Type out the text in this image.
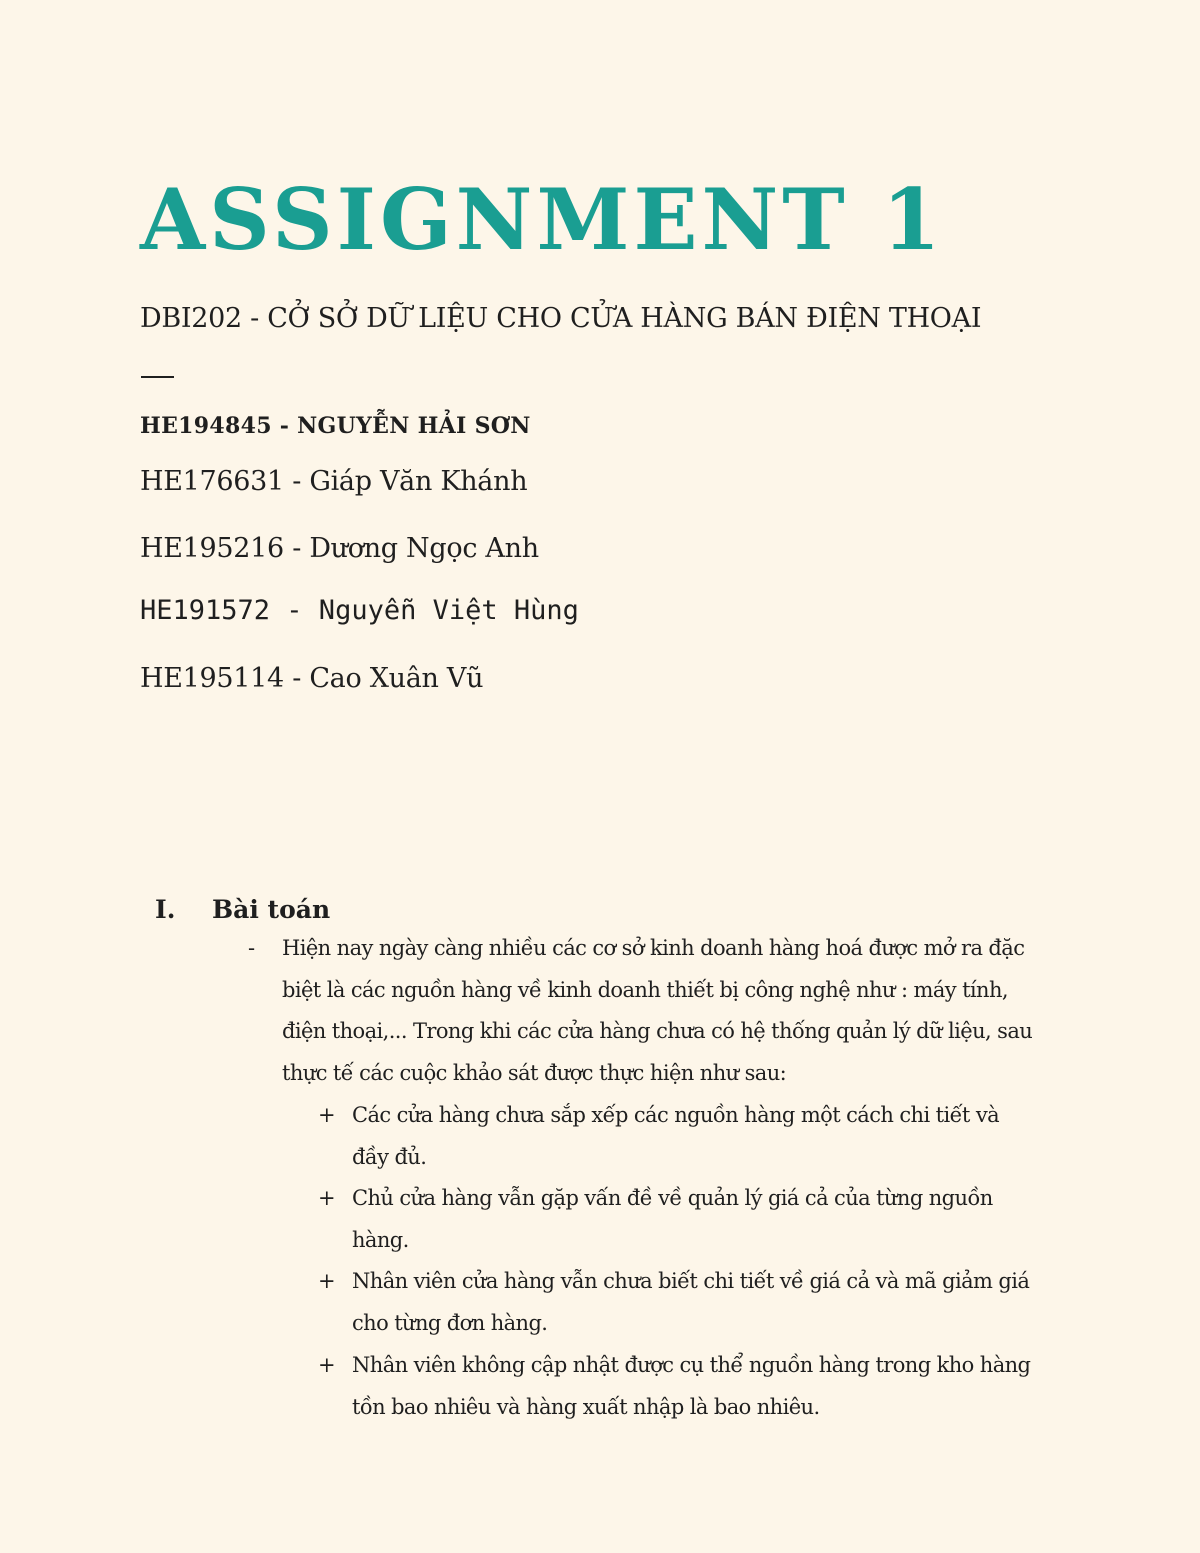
ASSIGNMENT 1
DBI202 - CỞ SỞ DỮ LIỆU CHO CỬA HÀNG BÁN ĐIỆN THOẠI
HE194845 - NGUYỄN HẢI SƠN
HE176631 - Giáp Văn Khánh
HE195216 - Dương Ngọc Anh
HE191572 - Nguyễn Việt Hùng
HE195114 - Cao Xuân Vũ
I. Bài toán
- Hiện nay ngày càng nhiều các cơ sở kinh doanh hàng hoá được mở ra đặc biệt là các nguồn hàng về kinh doanh thiết bị công nghệ như : máy tính, điện thoại,... Trong khi các cửa hàng chưa có hệ thống quản lý dữ liệu, sau thực tế các cuộc khảo sát được thực hiện như sau:
+ Các cửa hàng chưa sắp xếp các nguồn hàng một cách chi tiết và đầy đủ.
+ Chủ cửa hàng vẫn gặp vấn đề về quản lý giá cả của từng nguồn hàng.
+ Nhân viên cửa hàng vẫn chưa biết chi tiết về giá cả và mã giảm giá cho từng đơn hàng.
+ Nhân viên không cập nhật được cụ thể nguồn hàng trong kho hàng tồn bao nhiêu và hàng xuất nhập là bao nhiêu.
